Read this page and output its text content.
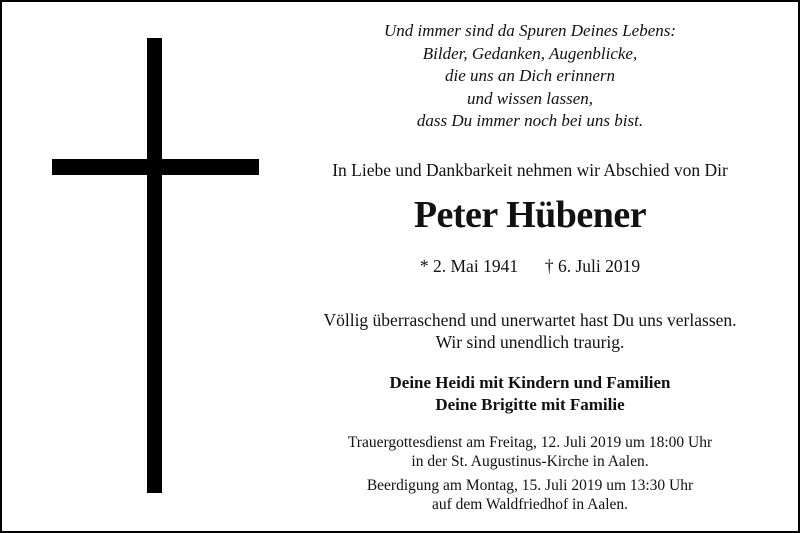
Und immer sind da Spuren Deines Lebens:
Bilder, Gedanken, Augenblicke,
die uns an Dich erinnern
und wissen lassen,
dass Du immer noch bei uns bist.
In Liebe und Dankbarkeit nehmen wir Abschied von Dir
Peter Hübener
* 2. Mai 1941 † 6. Juli 2019
Völlig überraschend und unerwartet hast Du uns verlassen.
Wir sind unendlich traurig.
Deine Heidi mit Kindern und Familien
Deine Brigitte mit Familie
Trauergottesdienst am Freitag, 12. Juli 2019 um 18:00 Uhr
in der St. Augustinus-Kirche in Aalen.
Beerdigung am Montag, 15. Juli 2019 um 13:30 Uhr
auf dem Waldfriedhof in Aalen.
